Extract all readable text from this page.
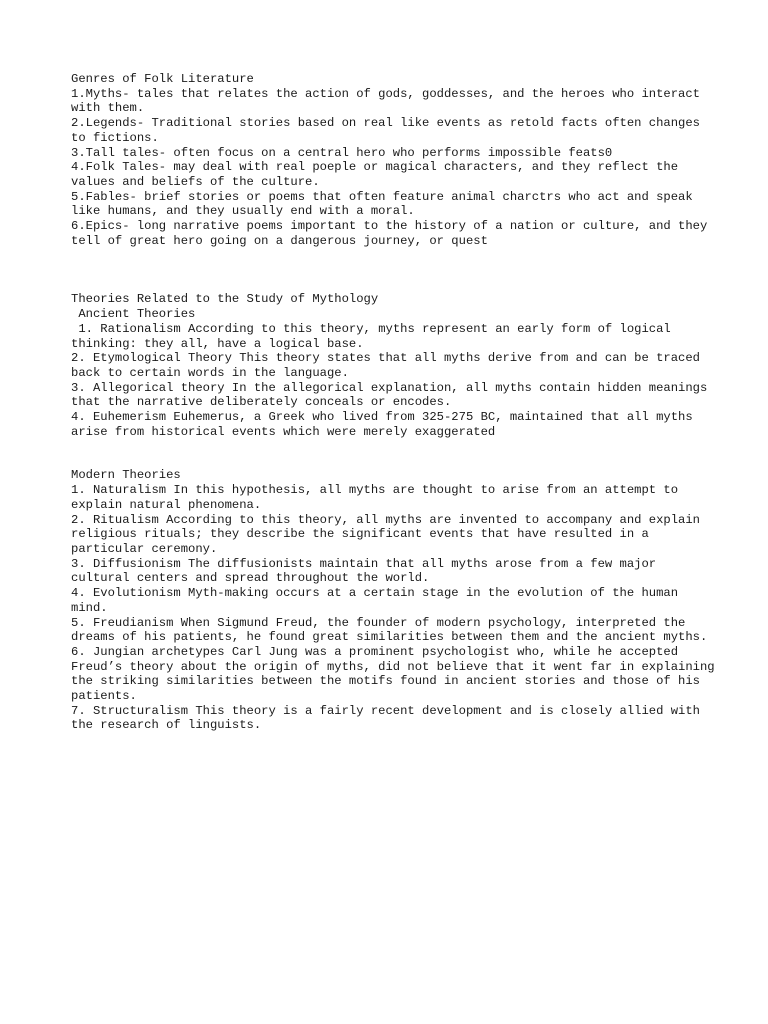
Genres of Folk Literature

1.Myths- tales that relates the action of gods, goddesses, and the heroes who interact with them.

2.Legends- Traditional stories based on real like events as retold facts often changes to fictions.

3.Tall tales- often focus on a central hero who performs impossible feats0

4.Folk Tales- may deal with real poeple or magical characters, and they reflect the values and beliefs of the culture.

5.Fables- brief stories or poems that often feature animal charctrs who act and speak like humans, and they usually end with a moral.

6.Epics- long narrative poems important to the history of a nation or culture, and they tell of great hero going on a dangerous journey, or quest

Theories Related to the Study of Mythology

Ancient Theories

1. Rationalism According to this theory, myths represent an early form of logical thinking: they all, have a logical base.

2. Etymological Theory This theory states that all myths derive from and can be traced back to certain words in the language.

3. Allegorical theory In the allegorical explanation, all myths contain hidden meanings that the narrative deliberately conceals or encodes.

4. Euhemerism Euhemerus, a Greek who lived from 325-275 BC, maintained that all myths arise from historical events which were merely exaggerated

Modern Theories

1. Naturalism In this hypothesis, all myths are thought to arise from an attempt to explain natural phenomena.

2. Ritualism According to this theory, all myths are invented to accompany and explain religious rituals; they describe the significant events that have resulted in a particular ceremony.

3. Diffusionism The diffusionists maintain that all myths arose from a few major cultural centers and spread throughout the world.

4. Evolutionism Myth-making occurs at a certain stage in the evolution of the human mind.

5. Freudianism When Sigmund Freud, the founder of modern psychology, interpreted the dreams of his patients, he found great similarities between them and the ancient myths.

6. Jungian archetypes Carl Jung was a prominent psychologist who, while he accepted Freud’s theory about the origin of myths, did not believe that it went far in explaining the striking similarities between the motifs found in ancient stories and those of his patients.

7. Structuralism This theory is a fairly recent development and is closely allied with the research of linguists.
